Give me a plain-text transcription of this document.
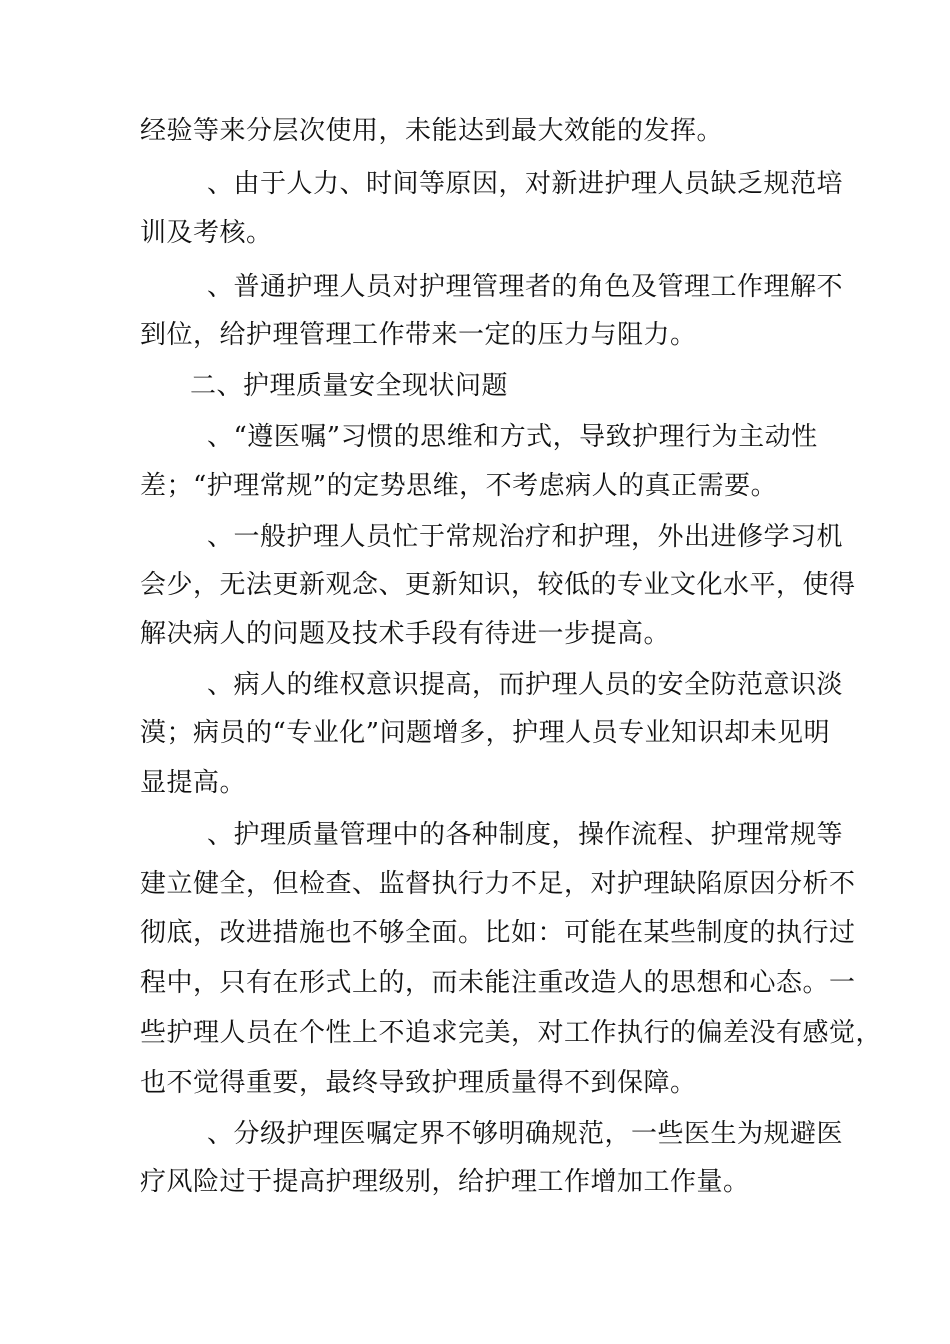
经验等来分层次使用，未能达到最大效能的发挥。
、由于人力、时间等原因，对新进护理人员缺乏规范培
训及考核。
、普通护理人员对护理管理者的角色及管理工作理解不
到位，给护理管理工作带来一定的压力与阻力。
二、护理质量安全现状问题
、“遵医嘱”习惯的思维和方式，导致护理行为主动性
差；“护理常规”的定势思维，不考虑病人的真正需要。
、一般护理人员忙于常规治疗和护理，外出进修学习机
会少，无法更新观念、更新知识，较低的专业文化水平，使得
解决病人的问题及技术手段有待进一步提高。
、病人的维权意识提高，而护理人员的安全防范意识淡
漠；病员的“专业化”问题增多，护理人员专业知识却未见明
显提高。
、护理质量管理中的各种制度，操作流程、护理常规等
建立健全，但检查、监督执行力不足，对护理缺陷原因分析不
彻底，改进措施也不够全面。比如：可能在某些制度的执行过
程中，只有在形式上的，而未能注重改造人的思想和心态。一
些护理人员在个性上不追求完美，对工作执行的偏差没有感觉，
也不觉得重要，最终导致护理质量得不到保障。
、分级护理医嘱定界不够明确规范，一些医生为规避医
疗风险过于提高护理级别，给护理工作增加工作量。
